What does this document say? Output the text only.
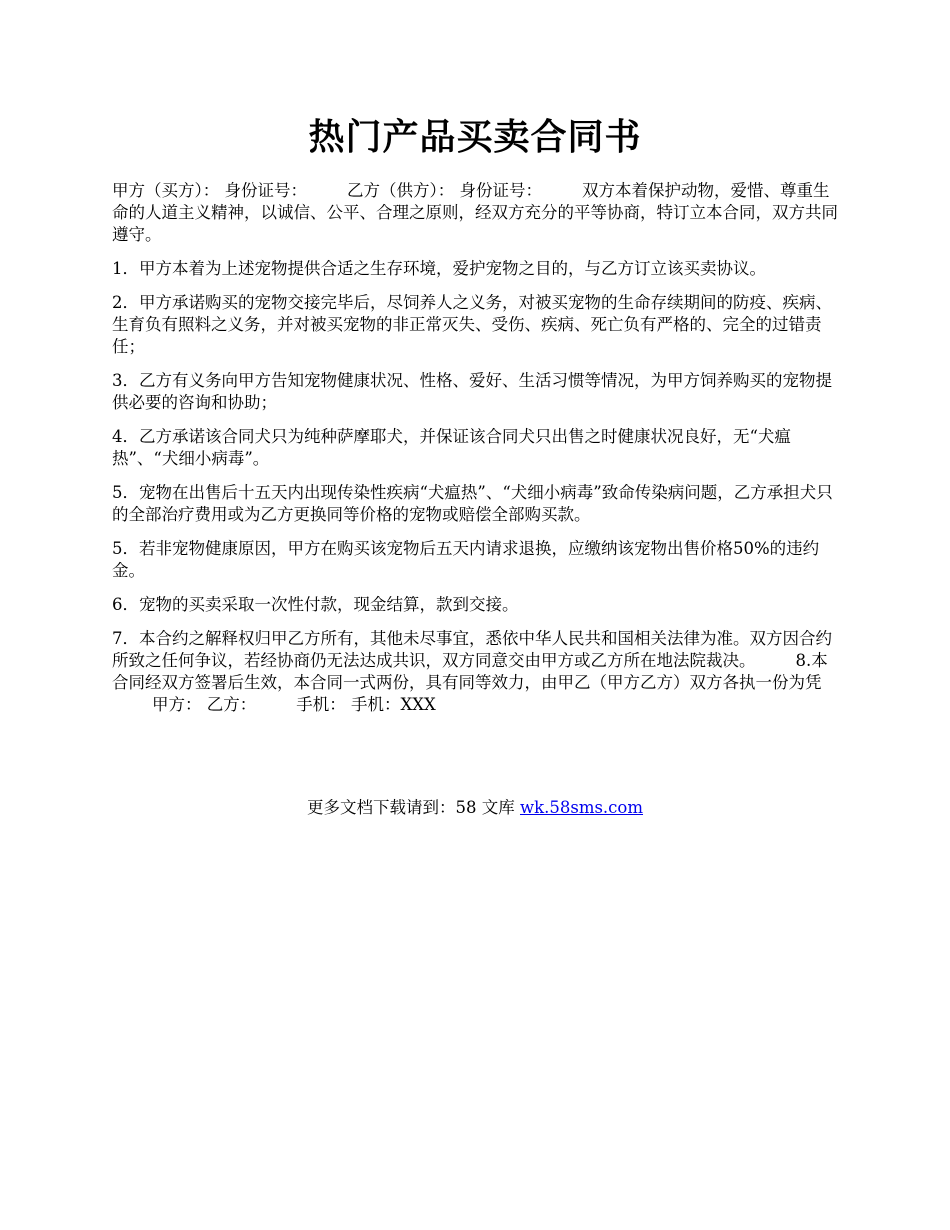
热门产品买卖合同书

甲方（买方）： 身份证号： 乙方（供方）： 身份证号： 双方本着保护动物，爱惜、尊重生命的人道主义精神，以诚信、公平、合理之原则，经双方充分的平等协商，特订立本合同，双方共同遵守。

1．甲方本着为上述宠物提供合适之生存环境，爱护宠物之目的，与乙方订立该买卖协议。

2．甲方承诺购买的宠物交接完毕后，尽饲养人之义务，对被买宠物的生命存续期间的防疫、疾病、生育负有照料之义务，并对被买宠物的非正常灭失、受伤、疾病、死亡负有严格的、完全的过错责任；

3．乙方有义务向甲方告知宠物健康状况、性格、爱好、生活习惯等情况，为甲方饲养购买的宠物提供必要的咨询和协助；

4．乙方承诺该合同犬只为纯种萨摩耶犬，并保证该合同犬只出售之时健康状况良好，无“犬瘟热”、“犬细小病毒”。

5．宠物在出售后十五天内出现传染性疾病“犬瘟热”、“犬细小病毒”致命传染病问题，乙方承担犬只的全部治疗费用或为乙方更换同等价格的宠物或赔偿全部购买款。

5．若非宠物健康原因，甲方在购买该宠物后五天内请求退换，应缴纳该宠物出售价格50%的违约金。

6．宠物的买卖采取一次性付款，现金结算，款到交接。

7．本合约之解释权归甲乙方所有，其他未尽事宜，悉依中华人民共和国相关法律为准。双方因合约所致之任何争议，若经协商仍无法达成共识，双方同意交由甲方或乙方所在地法院裁决。 8.本合同经双方签署后生效，本合同一式两份，具有同等效力，由甲乙（甲方乙方）双方各执一份为凭甲方： 乙方： 手机： 手机：XXX

更多文档下载请到：58 文库 wk.58sms.com
